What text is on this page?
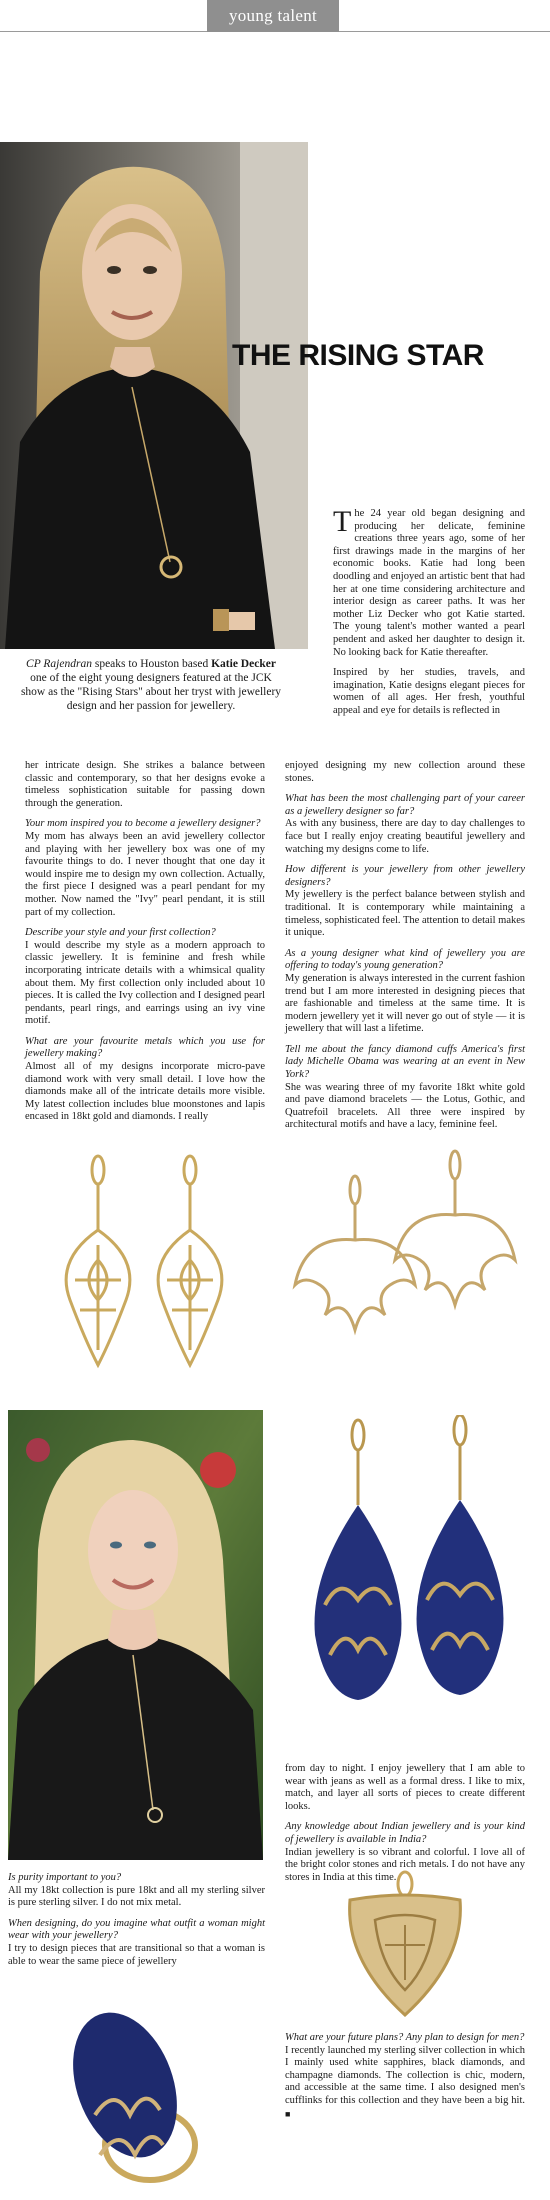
young talent
THE RISING STAR
CP Rajendran speaks to Houston based Katie Decker one of the eight young designers featured at the JCK show as the "Rising Stars" about her tryst with jewellery design and her passion for jewellery.

The 24 year old began designing and producing her delicate, feminine creations three years ago, some of her first drawings made in the margins of her economic books. Katie had long been doodling and enjoyed an artistic bent that had her at one time considering architecture and interior design as career paths. It was her mother Liz Decker who got Katie started. The young talent's mother wanted a pearl pendent and asked her daughter to design it. No looking back for Katie thereafter.

Inspired by her studies, travels, and imagination, Katie designs elegant pieces for women of all ages. Her fresh, youthful appeal and eye for details is reflected in

her intricate design. She strikes a balance between classic and contemporary, so that her designs evoke a timeless sophistication suitable for passing down through the generation.

Your mom inspired you to become a jewellery designer?
My mom has always been an avid jewellery collector and playing with her jewellery box was one of my favourite things to do. I never thought that one day it would inspire me to design my own collection. Actually, the first piece I designed was a pearl pendant for my mother. Now named the "Ivy" pearl pendant, it is still part of my collection.

Describe your style and your first collection?
I would describe my style as a modern approach to classic jewellery. It is feminine and fresh while incorporating intricate details with a whimsical quality about them. My first collection only included about 10 pieces. It is called the Ivy collection and I designed pearl pendants, pearl rings, and earrings using an ivy vine motif.

What are your favourite metals which you use for jewellery making?
Almost all of my designs incorporate micro-pave diamond work with very small detail. I love how the diamonds make all of the intricate details more visible. My latest collection includes blue moonstones and lapis encased in 18kt gold and diamonds. I really

enjoyed designing my new collection around these stones.

What has been the most challenging part of your career as a jewellery designer so far?
As with any business, there are day to day challenges to face but I really enjoy creating beautiful jewellery and watching my designs come to life.

How different is your jewellery from other jewellery designers?
My jewellery is the perfect balance between stylish and traditional. It is contemporary while maintaining a timeless, sophisticated feel. The attention to detail makes it unique.

As a young designer what kind of jewellery you are offering to today's young generation?
My generation is always interested in the current fashion trend but I am more interested in designing pieces that are fashionable and timeless at the same time. It is modern jewellery yet it will never go out of style — it is jewellery that will last a lifetime.

Tell me about the fancy diamond cuffs America's first lady Michelle Obama was wearing at an event in New York?
She was wearing three of my favorite 18kt white gold and pave diamond bracelets — the Lotus, Gothic, and Quatrefoil bracelets. All three were inspired by architectural motifs and have a lacy, feminine feel.

from day to night. I enjoy jewellery that I am able to wear with jeans as well as a formal dress. I like to mix, match, and layer all sorts of pieces to create different looks.

Any knowledge about Indian jewellery and is your kind of jewellery is available in India?
Indian jewellery is so vibrant and colorful. I love all of the bright color stones and rich metals. I do not have any stores in India at this time.

Is purity important to you?
All my 18kt collection is pure 18kt and all my sterling silver is pure sterling silver. I do not mix metal.

When designing, do you imagine what outfit a woman might wear with your jewellery?
I try to design pieces that are transitional so that a woman is able to wear the same piece of jewellery

What are your future plans? Any plan to design for men?
I recently launched my sterling silver collection in which I mainly used white sapphires, black diamonds, and champagne diamonds. The collection is chic, modern, and accessible at the same time. I also designed men's cufflinks for this collection and they have been a big hit. ■
